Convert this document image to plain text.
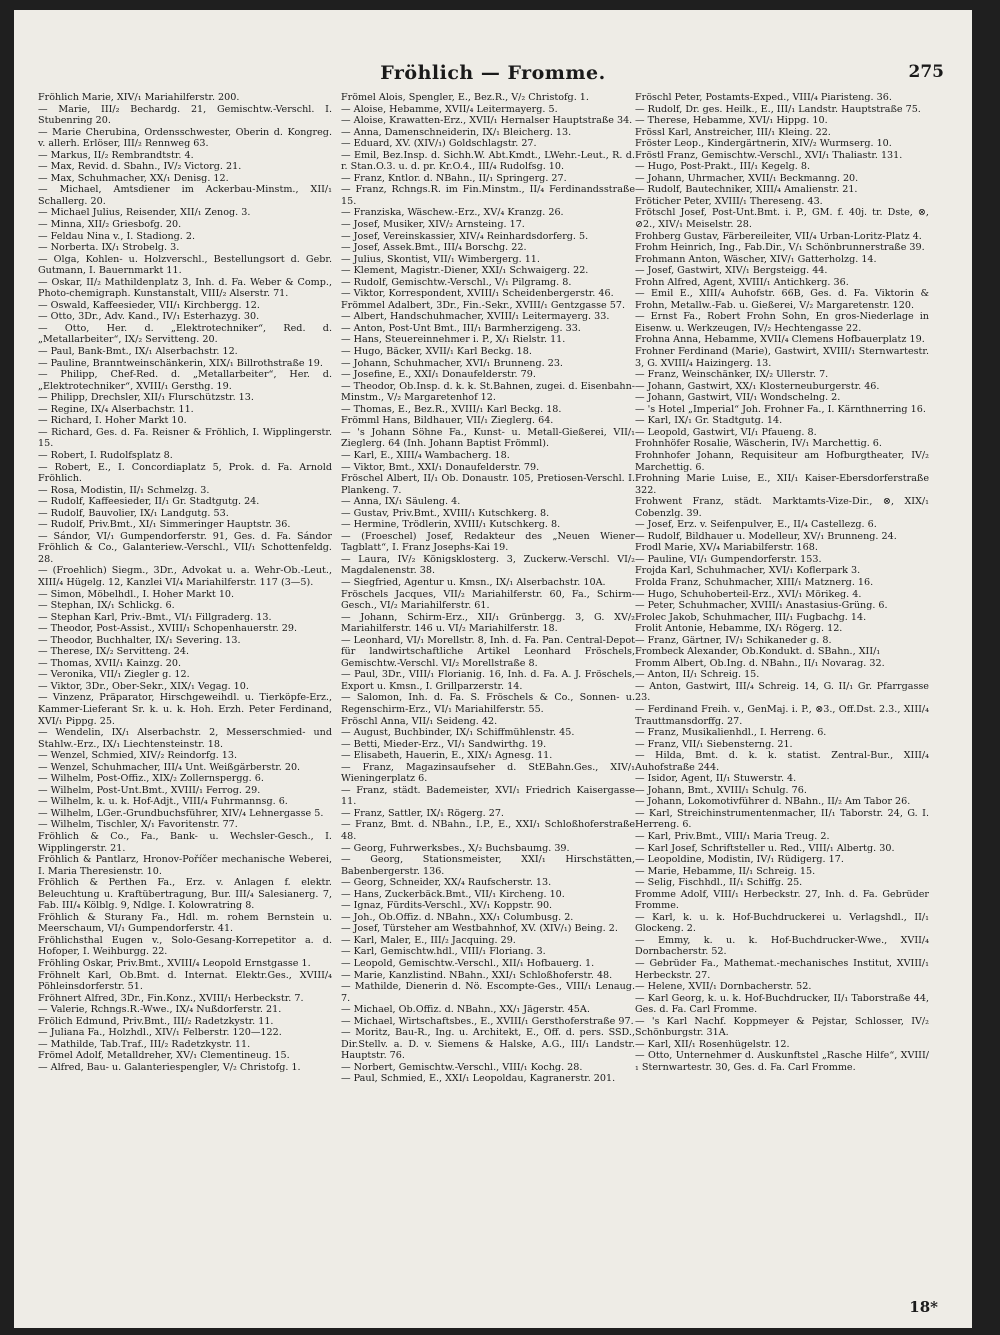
Fröhlich — Fromme.	275

Fröhlich Marie, XIV/₁ Mariahilferstr. 200.

— Marie, III/₂ Bechardg. 21, Gemischtw.-Verschl. I. Stubenring 20.

— Marie Cherubina, Ordensschwester, Oberin d. Kongreg. v. allerh. Erlöser, III/₂ Rennweg 63.

— Markus, II/₂ Rembrandtstr. 4.

— Max, Revid. d. Sbahn., IV/₂ Victorg. 21.

— Max, Schuhmacher, XX/₁ Denisg. 12.

— Michael, Amtsdiener im Ackerbau-Minstm., XII/₁ Schallerg. 20.

— Michael Julius, Reisender, XII/₁ Zenog. 3.

— Minna, XII/₂ Griesbofg. 20.

— Feldau Nina v., I. Stadiong. 2.

— Norberta. IX/₁ Strobelg. 3.

— Olga, Kohlen- u. Holzverschl., Bestellungsort d. Gebr. Gutmann, I. Bauernmarkt 11.

— Oskar, II/₂ Mathildenplatz 3, Inh. d. Fa. Weber & Comp., Photo-chemigraph. Kunstanstalt, VIII/₂ Alserstr. 71.

— Oswald, Kaffeesieder, VII/₁ Kirchbergg. 12.

— Otto, 3Dr., Adv. Kand., IV/₁ Esterhazyg. 30.

— Otto, Her. d. „Elektrotechniker“, Red. d. „Metallarbeiter“, IX/₂ Servitteng. 20.

— Paul, Bank-Bmt., IX/₁ Alserbachstr. 12.

— Pauline, Branntweinschänkerin, XIX/₁ Billrothstraße 19.

— Philipp, Chef-Red. d. „Metallarbeiter“, Her. d. „Elektrotechniker“, XVIII/₁ Gersthg. 19.

— Philipp, Drechsler, XII/₁ Flurschützstr. 13.

— Regine, IX/₄ Alserbachstr. 11.

— Richard, I. Hoher Markt 10.

— Richard, Ges. d. Fa. Reisner & Fröhlich, I. Wipplingerstr. 15.

— Robert, I. Rudolfsplatz 8.

— Robert, E., I. Concordiaplatz 5, Prok. d. Fa. Arnold Fröhlich.

— Rosa, Modistin, II/₁ Schmelzg. 3.

— Rudolf, Kaffeesieder, II/₁ Gr. Stadtgutg. 24.

— Rudolf, Bauvolier, IX/₁ Landgutg. 53.

— Rudolf, Priv.Bmt., XI/₁ Simmeringer Hauptstr. 36.

— Sándor, VI/₁ Gumpendorferstr. 91, Ges. d. Fa. Sándor Fröhlich & Co., Galanteriew.-Verschl., VII/₁ Schottenfeldg. 28.

— (Froehlich) Siegm., 3Dr., Advokat u. a. Wehr-Ob.-Leut., XIII/₄ Hügelg. 12, Kanzlei VI/₄ Mariahilferstr. 117 (3—5).

— Simon, Möbelhdl., I. Hoher Markt 10.

— Stephan, IX/₁ Schlickg. 6.

— Stephan Karl, Priv.-Bmt., VI/₁ Fillgraderg. 13.

— Theodor, Post-Assist., XVIII/₁ Schopenhauerstr. 29.

— Theodor, Buchhalter, IX/₁ Severing. 13.

— Therese, IX/₂ Servitteng. 24.

— Thomas, XVII/₁ Kainzg. 20.

— Veronika, VII/₁ Ziegler g. 12.

— Viktor, 3Dr., Ober-Sekr., XIX/₁ Vegag. 10.

— Vinzenz, Präparator, Hirschgeweihdl. u. Tierköpfe-Erz., Kammer-Lieferant Sr. k. u. k. Hoh. Erzh. Peter Ferdinand, XVI/₁ Pippg. 25.

— Wendelin, IX/₁ Alserbachstr. 2, Messerschmied- und Stahlw.-Erz., IX/₁ Liechtensteinstr. 18.

— Wenzel, Schmied, XIV/₂ Reindorfg. 13.

— Wenzel, Schuhmacher, III/₄ Unt. Weißgärberstr. 20.

— Wilhelm, Post-Offiz., XIX/₂ Zollernspergg. 6.

— Wilhelm, Post-Unt.Bmt., XVIII/₁ Ferrog. 29.

— Wilhelm, k. u. k. Hof-Adjt., VIII/₄ Fuhrmannsg. 6.

— Wilhelm, LGer.-Grundbuchsführer, XIV/₄ Lehnergasse 5.

— Wilhelm, Tischler, X/₁ Favoritenstr. 77.

Fröhlich & Co., Fa., Bank- u. Wechsler-Gesch., I. Wipplingerstr. 21.

Fröhlich & Pantlarz, Hronov-Poříčer mechanische Weberei, I. Maria Theresienstr. 10.

Fröhlich & Perthen Fa., Erz. v. Anlagen f. elektr. Beleuchtung u. Kraftübertragung, Bur. III/₄ Salesianerg. 7, Fab. III/₄ Kölblg. 9, Ndlge. I. Kolowratring 8.

Fröhlich & Sturany Fa., Hdl. m. rohem Bernstein u. Meerschaum, VI/₁ Gumpendorferstr. 41.

Fröhlichsthal Eugen v., Solo-Gesang-Korrepetitor a. d. Hofoper, I. Weihburgg. 22.

Fröhling Oskar, Priv.Bmt., XVIII/₄ Leopold Ernstgasse 1.

Fröhnelt Karl, Ob.Bmt. d. Internat. Elektr.Ges., XVIII/₄ Pöhleinsdorferstr. 51.

Fröhnert Alfred, 3Dr., Fin.Konz., XVIII/₁ Herbeckstr. 7.

— Valerie, Rchngs.R.-Wwe., IX/₄ Nußdorferstr. 21.

Frölich Edmund, Priv.Bmt., III/₂ Radetzkystr. 11.

— Juliana Fa., Holzhdl., XIV/₁ Felberstr. 120—122.

— Mathilde, Tab.Traf., III/₂ Radetzkystr. 11.

Frömel Adolf, Metalldreher, XV/₁ Clementineug. 15.

— Alfred, Bau- u. Galanteriespengler, V/₂ Christofg. 1.

Frömel Alois, Spengler, E., Bez.R., V/₂ Christofg. 1.

— Aloise, Hebamme, XVII/₄ Leitermayerg. 5.

— Aloise, Krawatten-Erz., XVII/₁ Hernalser Hauptstraße 34.

— Anna, Damenschneiderin, IX/₁ Bleicherg. 13.

— Eduard, XV. (XIV/₁) Goldschlagstr. 27.

— Emil, Bez.Insp. d. Sichh.W. Abt.Kmdt., LWehr.-Leut., R. d. r. Stan.O.3. u. d. pr. Kr.O.4., III/₄ Rudolfsg. 10.

— Franz, Kntlor. d. NBahn., II/₁ Springerg. 27.

— Franz, Rchngs.R. im Fin.Minstm., II/₄ Ferdinandsstraße 15.

— Franziska, Wäschew.-Erz., XV/₄ Kranzg. 26.

— Josef, Musiker, XIV/₂ Arnsteing. 17.

— Josef, Vereinskassier, XIV/₄ Reinhardsdorferg. 5.

— Josef, Assek.Bmt., III/₄ Borschg. 22.

— Julius, Skontist, VII/₁ Wimbergerg. 11.

— Klement, Magistr.-Diener, XXI/₁ Schwaigerg. 22.

— Rudolf, Gemischtw.-Verschl., V/₁ Pilgramg. 8.

— Viktor, Korrespondent, XVIII/₁ Scheidenbergerstr. 46.

Frömmel Adalbert, 3Dr., Fin.-Sekr., XVIII/₁ Gentzgasse 57.

— Albert, Handschuhmacher, XVIII/₁ Leitermayerg. 33.

— Anton, Post-Unt Bmt., III/₁ Barmherzigeng. 33.

— Hans, Steuereinnehmer i. P., X/₁ Rielstr. 11.

— Hugo, Bäcker, XVII/₁ Karl Beckg. 18.

— Johann, Schuhmacher, XVI/₁ Brunneng. 23.

— Josefine, E., XXI/₁ Donaufelderstr. 79.

— Theodor, Ob.Insp. d. k. k. St.Bahnen, zugei. d. Eisenbahn-Minstm., V/₂ Margaretenhof 12.

— Thomas, E., Bez.R., XVIII/₁ Karl Beckg. 18.

Frömml Hans, Bildhauer, VII/₁ Zieglerg. 64.

— 's Johann Söhne Fa., Kunst- u. Metall-Gießerei, VII/₁ Zieglerg. 64 (Inh. Johann Baptist Frömml).

— Karl, E., XIII/₄ Wambacherg. 18.

— Viktor, Bmt., XXI/₁ Donaufelderstr. 79.

Fröschel Albert, II/₁ Ob. Donaustr. 105, Pretiosen-Verschl. I. Plankeng. 7.

— Anna, IX/₁ Säuleng. 4.

— Gustav, Priv.Bmt., XVIII/₁ Kutschkerg. 8.

— Hermine, Trödlerin, XVIII/₁ Kutschkerg. 8.

— (Froeschel) Josef, Redakteur des „Neuen Wiener Tagblatt“, I. Franz Josephs-Kai 19.

— Laura, IV/₂ Königsklosterg. 3, Zuckerw.-Verschl. VI/₂ Magdalenenstr. 38.

— Siegfried, Agentur u. Kmsn., IX/₁ Alserbachstr. 10A.

Fröschels Jacques, VII/₂ Mariahilferstr. 60, Fa., Schirm-Gesch., VI/₂ Mariahilferstr. 61.

— Johann, Schirm-Erz., XII/₁ Grünbergg. 3, G. XV/₂ Mariahilferstr. 146 u. VI/₂ Mariahilferstr. 18.

— Leonhard, VI/₁ Morellstr. 8, Inh. d. Fa. Pan. Central-Depot für landwirtschaftliche Artikel Leonhard Fröschels, Gemischtw.-Verschl. VI/₂ Morellstraße 8.

— Paul, 3Dr., VIII/₁ Florianig. 16, Inh. d. Fa. A. J. Fröschels, Export u. Kmsn., I. Grillparzerstr. 14.

— Salomon, Inh. d. Fa. S. Fröschels & Co., Sonnen- u. Regenschirm-Erz., VI/₁ Mariahilferstr. 55.

Fröschl Anna, VII/₁ Seideng. 42.

— August, Buchbinder, IX/₁ Schiffmühlenstr. 45.

— Betti, Mieder-Erz., VI/₁ Sandwirthg. 19.

— Elisabeth, Hauerin, E., XIX/₁ Agnesg. 11.

— Franz, Magazinsaufseher d. StEBahn.Ges., XIV/₁ Wieningerplatz 6.

— Franz, städt. Bademeister, XVI/₁ Friedrich Kaisergasse 11.

— Franz, Sattler, IX/₁ Rögerg. 27.

— Franz, Bmt. d. NBahn., I.P., E., XXI/₁ Schloßhoferstraße 48.

— Georg, Fuhrwerksbes., X/₂ Buchsbaumg. 39.

— Georg, Stationsmeister, XXI/₁ Hirschstätten, Babenbergerstr. 136.

— Georg, Schneider, XX/₄ Raufscherstr. 13.

— Hans, Zuckerbäck.Bmt., VII/₁ Kircheng. 10.

— Ignaz, Fürdits-Verschl., XV/₁ Koppstr. 90.

— Joh., Ob.Offiz. d. NBahn., XX/₁ Columbusg. 2.

— Josef, Türsteher am Westbahnhof, XV. (XIV/₁) Being. 2.

— Karl, Maler, E., III/₂ Jacquing. 29.

— Karl, Gemischtw.hdl., VIII/₁ Floriang. 3.

— Leopold, Gemischtw.-Verschl., XII/₁ Hofbauerg. 1.

— Marie, Kanzlistind. NBahn., XXI/₁ Schloßhoferstr. 48.

— Mathilde, Dienerin d. Nö. Escompte-Ges., VIII/₁ Lenaug. 7.

— Michael, Ob.Offiz. d. NBahn., XX/₁ Jägerstr. 45A.

— Michael, Wirtschaftsbes., E., XVIII/₁ Gersthoferstraße 97.

— Moritz, Bau-R., Ing. u. Architekt, E., Off. d. pers. SSD., Dir.Stellv. a. D. v. Siemens & Halske, A.G., III/₁ Landstr. Hauptstr. 76.

— Norbert, Gemischtw.-Verschl., VIII/₁ Kochg. 28.

— Paul, Schmied, E., XXI/₁ Leopoldau, Kagranerstr. 201.

Fröschl Peter, Postamts-Exped., VIII/₄ Piaristeng. 36.

— Rudolf, Dr. ges. Heilk., E., III/₁ Landstr. Hauptstraße 75.

— Therese, Hebamme, XVI/₁ Hippg. 10.

Frössl Karl, Anstreicher, III/₁ Kleing. 22.

Fröster Leop., Kindergärtnerin, XIV/₂ Wurmserg. 10.

Fröstl Franz, Gemischtw.-Verschl., XVI/₁ Thaliastr. 131.

— Hugo, Post-Prakt., III/₁ Kegelg. 8.

— Johann, Uhrmacher, XVII/₁ Beckmanng. 20.

— Rudolf, Bautechniker, XIII/₄ Amalienstr. 21.

Fröticher Peter, XVIII/₁ Thereseng. 43.

Frötschl Josef, Post-Unt.Bmt. i. P., GM. f. 40j. tr. Dste, ⊗, ⊘2., XIV/₁ Meiselstr. 28.

Frohberg Gustav, Färbereileiter, VII/₄ Urban-Loritz-Platz 4.

Frohm Heinrich, Ing., Fab.Dir., V/₁ Schönbrunnerstraße 39.

Frohmann Anton, Wäscher, XIV/₁ Gatterholzg. 14.

— Josef, Gastwirt, XIV/₁ Bergsteigg. 44.

Frohn Alfred, Agent, XVIII/₁ Antichkerg. 36.

— Emil E., XIII/₄ Auhofstr. 66B, Ges. d. Fa. Viktorin & Frohn, Metallw.-Fab. u. Gießerei, V/₂ Margaretenstr. 120.

— Ernst Fa., Robert Frohn Sohn, En gros-Niederlage in Eisenw. u. Werkzeugen, IV/₂ Hechtengasse 22.

Frohna Anna, Hebamme, XVII/₄ Clemens Hofbauerplatz 19.

Frohner Ferdinand (Marie), Gastwirt, XVIII/₁ Sternwartestr. 3, G. XVIII/₄ Haizingerg. 13.

— Franz, Weinschänker, IX/₂ Ullerstr. 7.

— Johann, Gastwirt, XX/₁ Klosterneuburgerstr. 46.

— Johann, Gastwirt, VII/₁ Wondschelng. 2.

— 's Hotel „Imperial“ Joh. Frohner Fa., I. Kärnthnerring 16.

— Karl, IX/₁ Gr. Stadtgutg. 14.

— Leopold, Gastwirt, VI/₁ Pfaueng. 8.

Frohnhöfer Rosalie, Wäscherin, IV/₁ Marchettig. 6.

Frohnhofer Johann, Requisiteur am Hofburgtheater, IV/₂ Marchettig. 6.

Frohning Marie Luise, E., XII/₁ Kaiser-Ebersdorferstraße 322.

Frohwent Franz, städt. Marktamts-Vize-Dir., ⊗, XIX/₁ Cobenzlg. 39.

— Josef, Erz. v. Seifenpulver, E., II/₄ Castellezg. 6.

— Rudolf, Bildhauer u. Modelleur, XV/₁ Brunneng. 24.

Frodl Marie, XV/₄ Mariabilferstr. 168.

— Pauline, VI/₁ Gumpendorferstr. 153.

Frojda Karl, Schuhmacher, XVI/₁ Koflerpark 3.

Frolda Franz, Schuhmacher, XIII/₁ Matznerg. 16.

— Hugo, Schuhoberteil-Erz., XVI/₁ Mörikeg. 4.

— Peter, Schuhmacher, XVIII/₁ Anastasius-Grüng. 6.

Frolec Jakob, Schuhmacher, III/₁ Fugbachg. 14.

Frolit Antonie, Hebamme, IX/₁ Rögerg. 12.

— Franz, Gärtner, IV/₁ Schikaneder g. 8.

Frombeck Alexander, Ob.Kondukt. d. SBahn., XII/₁

Fromm Albert, Ob.Ing. d. NBahn., II/₁ Novarag. 32.

— Anton, II/₁ Schreig. 15.

— Anton, Gastwirt, III/₄ Schreig. 14, G. II/₁ Gr. Pfarrgasse 23.

— Ferdinand Freih. v., GenMaj. i. P., ⊗3., Off.Dst. 2.3., XIII/₄ Trauttmansdorffg. 27.

— Franz, Musikalienhdl., I. Herreng. 6.

— Franz, VII/₁ Siebensterng. 21.

— Hilda, Bmt. d. k. k. statist. Zentral-Bur., XIII/₄ Auhofstraße 244.

— Isidor, Agent, II/₁ Stuwerstr. 4.

— Johann, Bmt., XVIII/₁ Schulg. 76.

— Johann, Lokomotivführer d. NBahn., II/₂ Am Tabor 26.

— Karl, Streichinstrumentenmacher, II/₁ Taborstr. 24, G. I. Herreng. 6.

— Karl, Priv.Bmt., VIII/₁ Maria Treug. 2.

— Karl Josef, Schriftsteller u. Red., VIII/₁ Albertg. 30.

— Leopoldine, Modistin, IV/₁ Rüdigerg. 17.

— Marie, Hebamme, II/₁ Schreig. 15.

— Selig, Fischhdl., II/₁ Schiffg. 25.

Fromme Adolf, VIII/₁ Herbeckstr. 27, Inh. d. Fa. Gebrüder Fromme.

— Karl, k. u. k. Hof-Buchdruckerei u. Verlagshdl., II/₁ Glockeng. 2.

— Emmy, k. u. k. Hof-Buchdrucker-Wwe., XVII/₄ Dornbacherstr. 52.

— Gebrüder Fa., Mathemat.-mechanisches Institut, XVIII/₁ Herbeckstr. 27.

— Helene, XVII/₁ Dornbacherstr. 52.

— Karl Georg, k. u. k. Hof-Buchdrucker, II/₁ Taborstraße 44, Ges. d. Fa. Carl Fromme.

— 's Karl Nachf. Koppmeyer & Pejstar, Schlosser, IV/₂ Schönburgstr. 31A.

— Karl, XII/₁ Rosenhügelstr. 12.

— Otto, Unternehmer d. Auskunftstel „Rasche Hilfe“, XVIII/₁ Sternwartestr. 30, Ges. d. Fa. Carl Fromme.

18*
